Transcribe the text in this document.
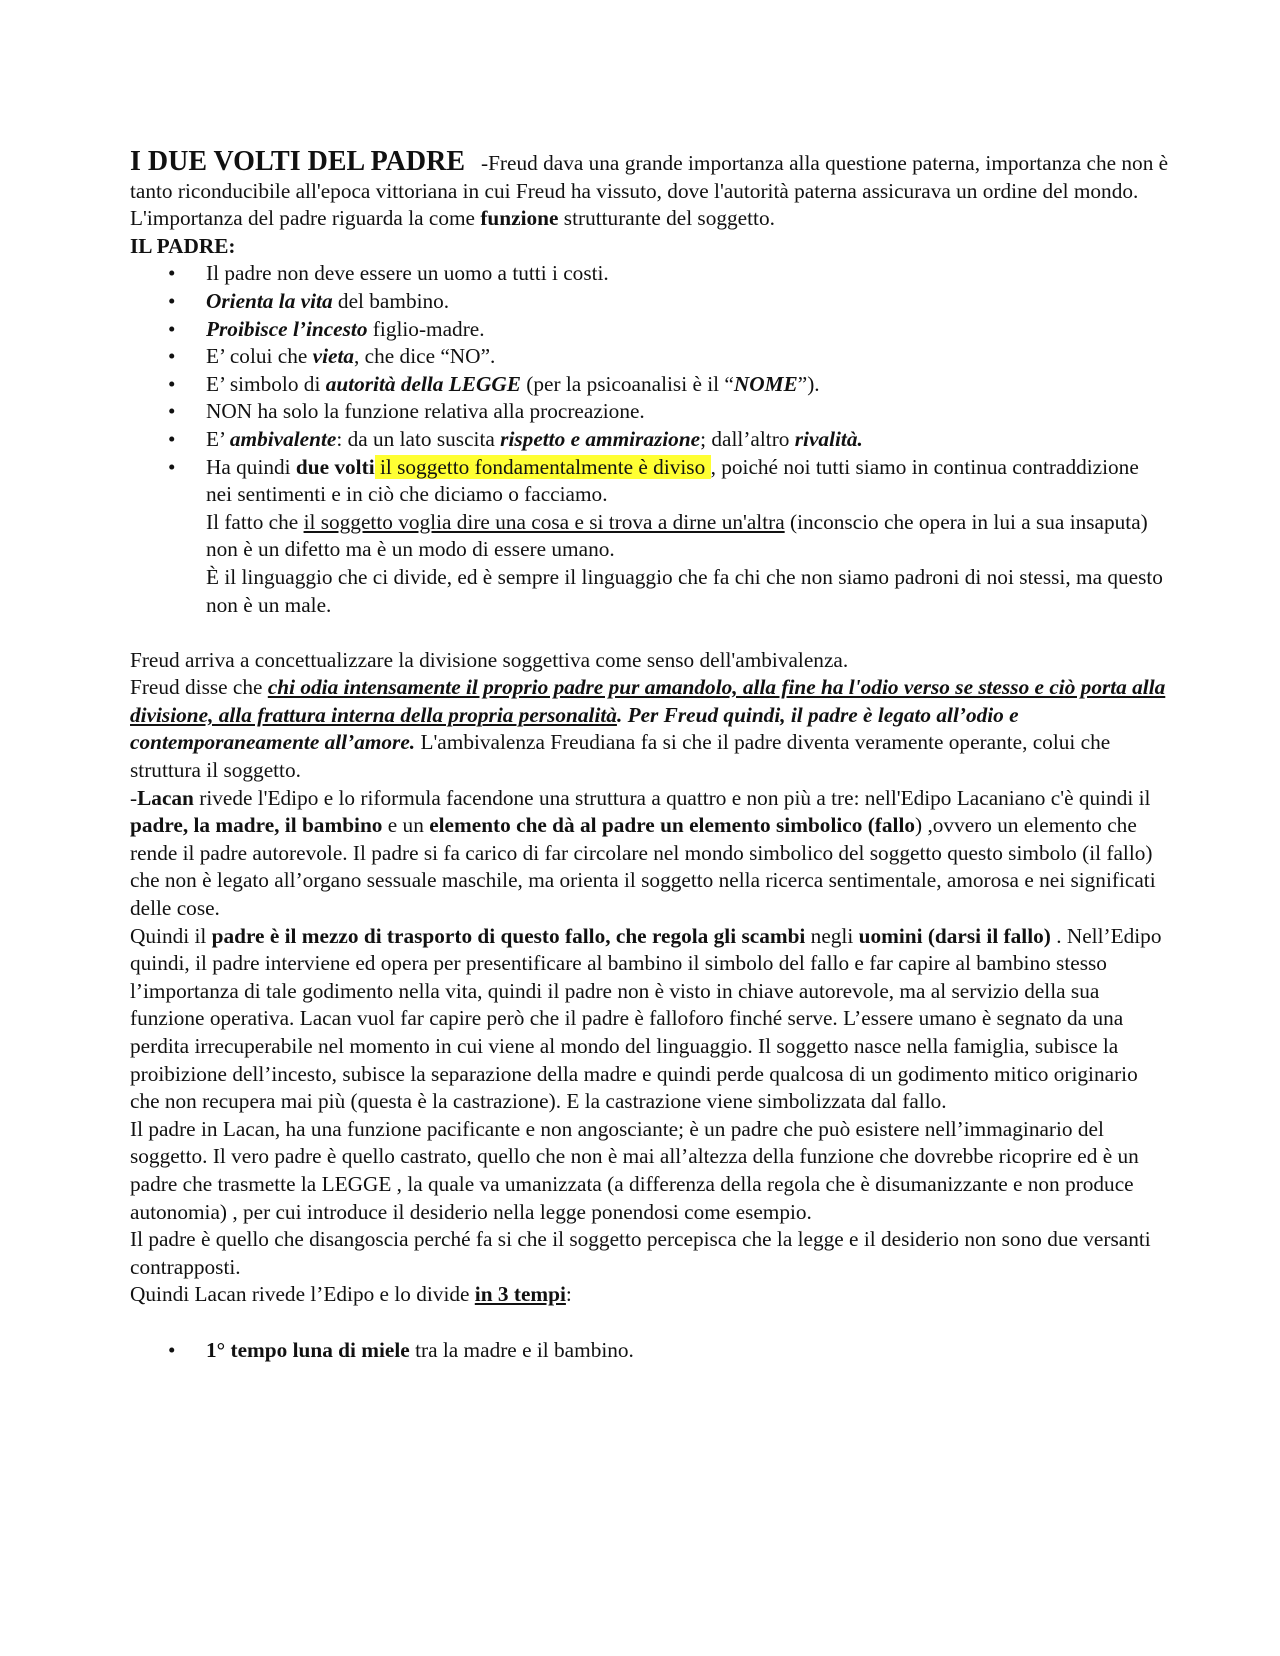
I DUE VOLTI DEL PADRE -Freud dava una grande importanza alla questione paterna, importanza che non è tanto riconducibile all'epoca vittoriana in cui Freud ha vissuto, dove l'autorità paterna assicurava un ordine del mondo. L'importanza del padre riguarda la come funzione strutturante del soggetto.

IL PADRE:

• Il padre non deve essere un uomo a tutti i costi.
• Orienta la vita del bambino.
• Proibisce l’incesto figlio-madre.
• E’ colui che vieta, che dice “NO”.
• E’ simbolo di autorità della LEGGE (per la psicoanalisi è il “NOME”).
• NON ha solo la funzione relativa alla procreazione.
• E’ ambivalente: da un lato suscita rispetto e ammirazione; dall’altro rivalità.
• Ha quindi due volti il soggetto fondamentalmente è diviso , poiché noi tutti siamo in continua contraddizione nei sentimenti e in ciò che diciamo o facciamo.
Il fatto che il soggetto voglia dire una cosa e si trova a dirne un'altra (inconscio che opera in lui a sua insaputa) non è un difetto ma è un modo di essere umano.
È il linguaggio che ci divide, ed è sempre il linguaggio che fa chi che non siamo padroni di noi stessi, ma questo non è un male.

Freud arriva a concettualizzare la divisione soggettiva come senso dell'ambivalenza.

Freud disse che chi odia intensamente il proprio padre pur amandolo, alla fine ha l'odio verso se stesso e ciò porta alla divisione, alla frattura interna della propria personalità. Per Freud quindi, il padre è legato all’odio e contemporaneamente all’amore. L'ambivalenza Freudiana fa si che il padre diventa veramente operante, colui che struttura il soggetto.

-Lacan rivede l'Edipo e lo riformula facendone una struttura a quattro e non più a tre: nell'Edipo Lacaniano c'è quindi il padre, la madre, il bambino e un elemento che dà al padre un elemento simbolico (fallo) ,ovvero un elemento che rende il padre autorevole. Il padre si fa carico di far circolare nel mondo simbolico del soggetto questo simbolo (il fallo) che non è legato all’organo sessuale maschile, ma orienta il soggetto nella ricerca sentimentale, amorosa e nei significati delle cose.

Quindi il padre è il mezzo di trasporto di questo fallo, che regola gli scambi negli uomini (darsi il fallo) . Nell’Edipo quindi, il padre interviene ed opera per presentificare al bambino il simbolo del fallo e far capire al bambino stesso l’importanza di tale godimento nella vita, quindi il padre non è visto in chiave autorevole, ma al servizio della sua funzione operativa. Lacan vuol far capire però che il padre è falloforo finché serve. L’essere umano è segnato da una perdita irrecuperabile nel momento in cui viene al mondo del linguaggio. Il soggetto nasce nella famiglia, subisce la proibizione dell’incesto, subisce la separazione della madre e quindi perde qualcosa di un godimento mitico originario che non recupera mai più (questa è la castrazione). E la castrazione viene simbolizzata dal fallo.

Il padre in Lacan, ha una funzione pacificante e non angosciante; è un padre che può esistere nell’immaginario del soggetto. Il vero padre è quello castrato, quello che non è mai all’altezza della funzione che dovrebbe ricoprire ed è un padre che trasmette la LEGGE , la quale va umanizzata (a differenza della regola che è disumanizzante e non produce autonomia) , per cui introduce il desiderio nella legge ponendosi come esempio.

Il padre è quello che disangoscia perché fa si che il soggetto percepisca che la legge e il desiderio non sono due versanti contrapposti.

Quindi Lacan rivede l’Edipo e lo divide in 3 tempi:

• 1° tempo luna di miele tra la madre e il bambino.
